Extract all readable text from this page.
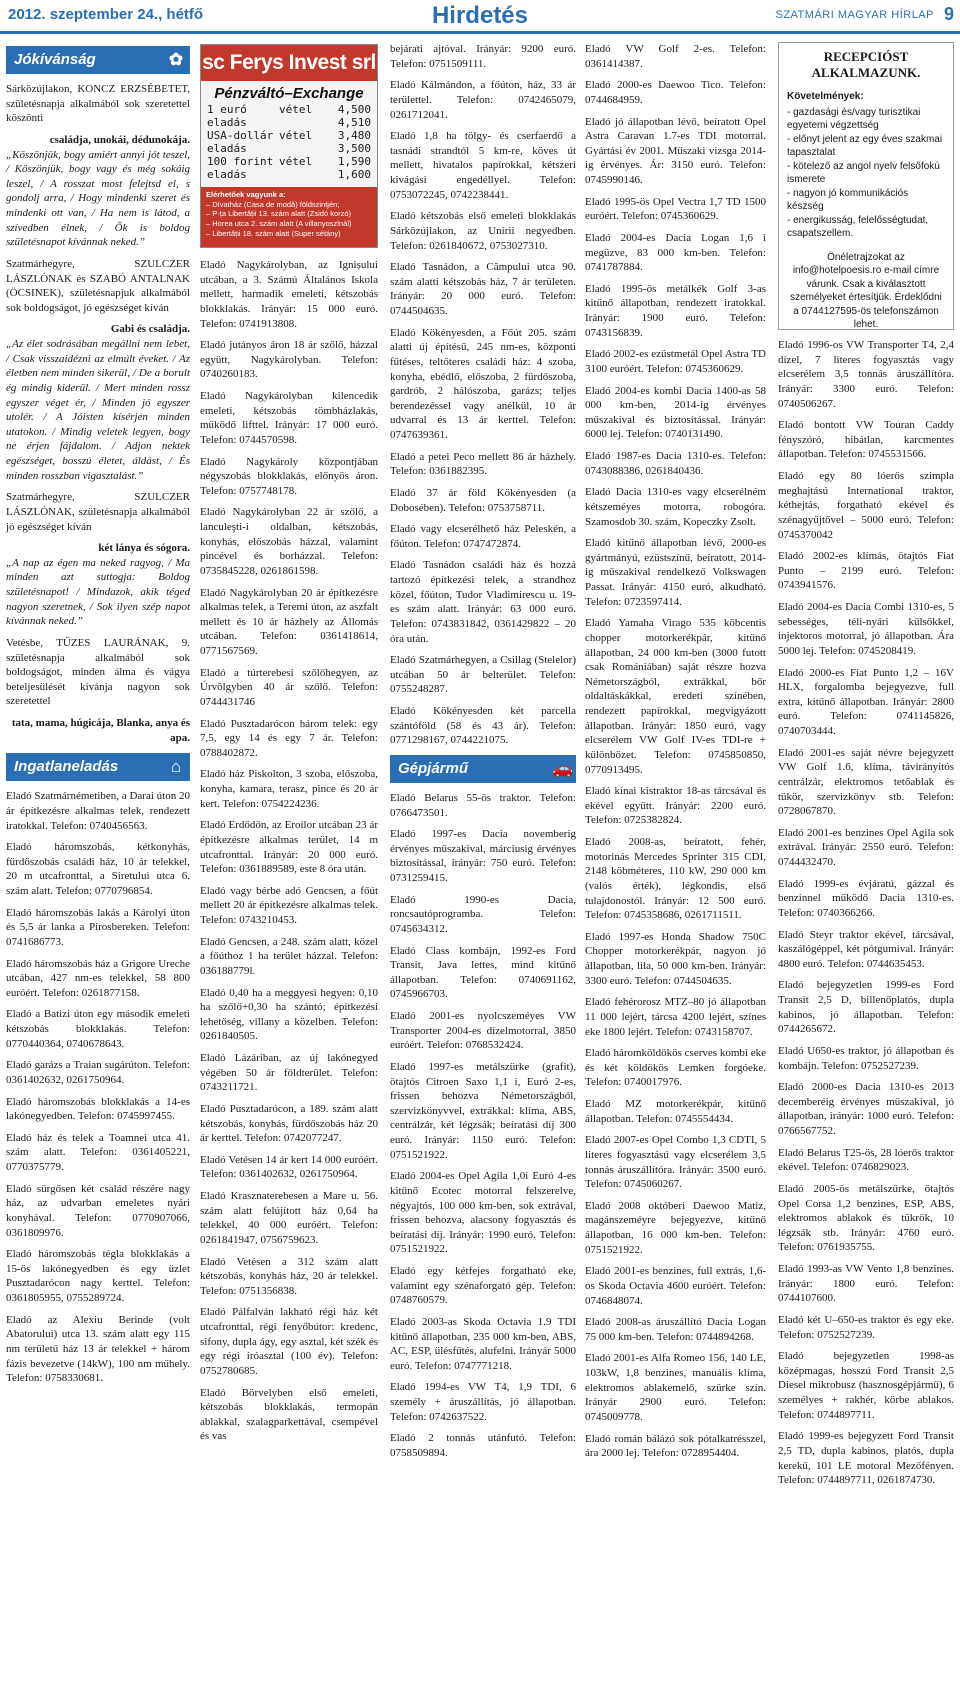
2012. szeptember 24., hétfő	Hirdetés	SZATMÁRI MAGYAR HÍRLAP 9
Jókívánság	✿

Sárközújlakon, KONCZ ERZSÉBETET, születésnapja alkalmából sok szeretettel köszönti

családja, unokái, dédunokája.

„Köszönjük, bogy amiért annyi jót teszel, / Köszönjük, bogy vagy és még sokáig leszel, / A rosszat most felejtsd el, s gondolj arra, / Hogy mindenki szeret és mindenki ott van, / Ha nem is látod, a szívedben élnek, / Ők is boldog születésnapot kívánnak neked.”

Szatmárhegyre, SZULCZER LÁSZLÓNAK és SZABÓ ANTALNAK (ÖCSINEK), születésnapjuk alkalmából sok boldogságot, jó egészséget kíván

Gabi és családja.

„Az élet sodrásában megállni nem lebet, / Csak visszaidézni az elmúlt éveket. / Az életben nem minden sikerül, / De a borult ég mindig kiderül. / Mert minden rossz egyszer véget ér, / Minden jó egyszer utolér. / A Jóisten kísérjen minden utatokon. / Mindig veletek legyen, bogy ne érjen fájdalom. / Adjon nektek egészséget, bosszú életet, áldást, / És minden rosszban vigasztalást.”

Szatmárhegyre, SZULCZER LÁSZLÓNAK, születésnapja alkalmából jó egészséget kíván

két lánya és sógora.

„A nap az égen ma neked ragyog, / Ma minden azt suttogja: Boldog születésnapot! / Mindazok, akik téged nagyon szeretnek, / Sok ilyen szép napot kívánnak neked.”

Vetésbe, TŰZES LAURÁNAK, 9. születésnapja alkalmából sok boldogságot, minden álma és vágya beteljesülését kívánja nagyon sok szeretettel

tata, mama, húgicája, Blanka, anya és apa.
Ingatlaneladás	⌂

Eladó Szatmárnémetiben, a Darai úton 20 ár építkezésre alkalmas telek, rendezett iratokkal. Telefon: 0740456563.

Eladó háromszobás, kétkonyhás, fürdőszobás családi ház, 10 ár telekkel, 20 m utcafronttal, a Siretului utca 6. szám alatt. Telefon: 0770796854.

Eladó háromszobás lakás a Károlyi úton és 5,5 ár lanka a Pirosbereken. Telefon: 0741686773.

Eladó háromszobás ház a Grigore Ureche utcában, 427 nm-es telekkel, 58 800 euróért. Telefon: 0261877158.

Eladó a Batizi úton egy második emeleti kétszobás blokklakás. Telefon: 0770440364, 0740678643.

Eladó garázs a Traian sugárúton. Telefon: 0361402632, 0261750964.

Eladó háromszobás blokklakás a 14-es lakónegyedben. Telefon: 0745997455.

Eladó ház és telek a Toamnei utca 41. szám alatt. Telefon: 0361405221, 0770375779.

Eladó sürgősen két család részére nagy ház, az udvarban emeletes nyári konyhával. Telefon: 0770907066, 0361809976.

Eladó háromszobás tégla blokklakás a 15-ös lakónegyedben és egy üzlet Pusztadarócon nagy kerttel. Telefon: 0361805955, 0755289724.

Eladó az Alexiu Berinde (volt Abatorului) utca 13. szám alatt egy 115 nm területű ház 13 ár telekkel + három fázis bevezetve (14kW), 100 nm műhely. Telefon: 0758330681.

sc Ferys Invest srl
Pénzváltó–Exchange
1 euró	vétel	4,500
eladás	4,510
USA-dollár vétel	3,480
eladás	3,500
100 forint vétel	1,590
eladás	1,600
Elérhetőek vagyunk a:
– Dívatház (Casa de modă) földszintjén;
– P-ța Libertății 13. szám alatt (Zsidó korzó)
– Horea utca 2. szám alatt (A villanyoszlnál)
– Libertății 18. szám alatt (Super sétány)

Eladó Nagykárolyban, az Ignișului utcában, a 3. Számú Általános Iskola mellett, harmadik emeleti, kétszobás blokklakás. Irányár: 15 000 euró. Telefon: 0741913808.

Eladó jutányos áron 18 ár szőlő, házzal együtt, Nagykárolyban. Telefon: 0740260183.

Eladó Nagykárolyban kilencedik emeleti, kétszobás tömbházlakás, működő lifttel. Irányár: 17 000 euró. Telefon: 0744570598.

Eladó Nagykároly központjában négyszobás blokklakás, előnyös áron. Telefon: 0757748178.

Eladó Nagykárolyban 22 ár szőlő, a lanculeşti-i oldalban, kétszobás, konyhás, előszobás házzal, valamint pincével és borházzal. Telefon: 0735845228, 0261861598.

Eladó Nagykárolyban 20 ár építkezésre alkalmas telek, a Teremi úton, az aszfalt mellett és 10 ár házhely az Állomás utcában. Telefon: 0361418614, 0771567569.

Eladó a túrterebesi szőlőhegyen, az Úrvölgyben 40 ár szőlő. Telefon: 0744431746

Eladó Pusztadarócon három telek: egy 7,5, egy 14 és egy 7 ár. Telefon: 0788402872.

Eladó ház Piskolton, 3 szoba, előszoba, konyha, kamara, terasz, pince és 20 ár kert. Telefon: 0754224236.

Eladó Erdődön, az Eroilor utcában 23 ár építkezésre alkalmas terület, 14 m utcafronttal. Irányár: 20 000 euró. Telefon: 0361889589, este 8 óra után.

Eladó vagy bérbe adó Gencsen, a főút mellett 20 ár építkezésre alkalmas telek. Telefon: 0743210453.

Eladó Gencsen, a 248. szám alatt, közel a főúthoz 1 ha terület házzal. Telefon: 036188779l.

Eladó 0,40 ha a meggyesi hegyen: 0,10 ha szőlő+0,30 ha szántó; építkezési lehetőség, villany a közelben. Telefon: 0261840505.

Eladó Lázáriban, az új lakónegyed végében 50 ár földterület. Telefon: 0743211721.

Eladó Pusztadarócon, a 189. szám alatt kétszobás, konyhás, fürdőszobás ház 20 ár kerttel. Telefon: 0742077247.

Eladó Vetésen 14 ár kert 14 000 euróért. Telefon: 0361402632, 0261750964.

Eladó Krasznaterebesen a Mare u. 56. szám alatt felújított ház 0,64 ha telekkel, 40 000 euróért. Telefon: 0261841947, 0756759623.

Eladó Vetésen a 312 szám alatt kétszobás, konyhás ház, 20 ár telekkel. Telefon: 0751356838.

Eladó Pálfalván lakható régi ház két utcafronttal, régi fenyőbútor: kredenc, sifony, dupla ágy, egy asztal, két szék és egy régi íróasztal (100 év). Telefon: 0752780685.

Eladó Börvelyben első emeleti, kétszobás blokklakás, termopán ablakkal, szalagparkettával, csempével és vas

bejárati ajtóval. Irányár: 9200 euró. Telefon: 0751509111.

Eladó Kálmándon, a főúton, ház, 33 ár területtel. Telefon: 0742465079, 0261712041.

Eladó 1,8 ha tölgy- és cserfaerdő a tasnádi strandtól 5 km-re, köves út mellett, hivatalos papírokkal, kétszeri kivágási engedéllyel. Telefon: 0753072245, 0742238441.

Eladó kétszobás első emeleti blokklakás Sárközújlakon, az Unirii negyedben. Telefon: 0261840672, 0753027310.

Eladó Tasnádon, a Câmpului utca 90. szám alatti kétszobás ház, 7 ár területen. Irányár: 20 000 euró. Telefon: 0744504635.

Eladó Kökényesden, a Főút 205. szám alatti új építésű, 245 nm-es, központi fűtéses, teltőteres családi ház: 4 szoba, konyha, ebédlő, előszoba, 2 fürdőszoba, gardrób, 2 hálószoba, garázs; teljes berendezéssel vagy anélkül, 10 ár udvarral és 13 ár kerttel. Telefon: 0747639361.

Eladó a petei Peco mellett 86 ár házhely. Telefon: 0361882395.

Eladó 37 ár föld Kökényesden (a Dobosében). Telefon: 0753758711.

Eladó vagy elcserélhető ház Peleskén, a főúton. Telefon: 0747472874.

Eladó Tasnádon családi ház és hozzá tartozó építkezési telek, a strandhoz közel, főúton, Tudor Vladimirescu u. 19-es szám alatt. Irányár: 63 000 euró. Telefon: 0743831842, 0361429822 – 20 óra után.

Eladó Szatmárhegyen, a Csillag (Stelelor) utcában 50 ár belterület. Telefon: 0755248287.

Eladó Kökényesden két parcella szántóföld (58 és 43 ár). Telefon: 0771298167, 0744221075.

Gépjármű	🚗

Eladó Belarus 55-ös traktor. Telefon: 0766473501.

Eladó 1997-es Dacia novemberig érvényes műszakival, márciusig érvényes biztosítással, irányár: 750 euró. Telefon: 0731259415.

Eladó 1990-es Dacia, roncsautóprogramba. Telefon: 0745634312.

Eladó Class kombájn, 1992-es Ford Transit, Java lettes, mind kitűnő állapotban. Telefon: 0740691162, 0745966703.

Eladó 2001-es nyolcszeméyes VW Transporter 2004-es dízelmotorral, 3850 euróért. Telefon: 0768532424.

Eladó 1997-es metálszürke (grafit), ötajtós Citroen Saxo 1,1 i, Euró 2-es, frissen behozva Németországból, szervizkönyvvel, extrákkal: klíma, ABS, centrálzár, két légzsák; beíratási díj 300 euró. Irányár: 1150 euró. Telefon: 0751521922.

Eladó 2004-es Opel Agila 1,0i Euró 4-es kitűnő Ecotec motorral felszerelve, négyajtós, 100 000 km-ben, sok extrával, frissen behozva, alacsony fogyasztás és beíratási díj. Irányár: 1990 euró. Telefon: 0751521922.

Eladó egy kétfejes forgatható eke, valamint egy szénaforgató gép. Telefon: 0748760579.

Eladó 2003-as Skoda Octavia 1.9 TDI kitűnő állapotban, 235 000 km-ben, ABS, AC, ESP, ülésfűtés, alufelni. Irányár 5000 euró. Telefon: 0747771218.

Eladó 1994-es VW T4, 1,9 TDI, 6 személy + áruszállítás, jó állapotban. Telefon: 0742637522.

Eladó 2 tonnás utánfutó. Telefon: 0758509894.

Eladó VW Golf 2-es. Telefon: 0361414387.

Eladó 2000-es Daewoo Tico. Telefon: 0744684959.

Eladó jó állapotban lévő, beíratott Opel Astra Caravan 1.7-es TDI motorral. Gyártási év 2001. Műszaki vizsga 2014-ig érvényes. Ár: 3150 euró. Telefon: 0745990146.

Eladó 1995-ös Opel Vectra 1,7 TD 1500 euróért. Telefon: 0745360629.

Eladó 2004-es Dacia Logan 1,6 i megüzve, 83 000 km-ben. Telefon: 0741787884.

Eladó 1995-ös metálkék Golf 3-as kitűnő állapotban, rendezett iratokkal. Irányár: 1900 euró. Telefon: 0743156839.

Eladó 2002-es ezüstmetál Opel Astra TD 3100 euróért. Telefon: 0745360629.

Eladó 2004-es kombi Dacia 1400-as 58 000 km-ben, 2014-ig érvényes műszakival és biztosítással. Irányár: 6000 lej. Telefon: 0740131490.

Eladó 1987-es Dacia 1310-es. Telefon: 0743088386, 0261840436.

Eladó Dacia 1310-es vagy elcserélném kétszeméyes motorra, robogóra. Szamosdob 30. szám, Kopeczky Zsolt.

Eladó kitűnő állapotban lévő, 2000-es gyártmányú, ezüstszínű, beíratott, 2014-ig műszakival rendelkező Volkswagen Passat. Irányár: 4150 euró, alkudható. Telefon: 0723597414.

Eladó Yamaha Virago 535 köbcentis chopper motorkerékpár, kitűnő állapotban, 24 000 km-ben (3000 futott csak Romániában) saját részre hozva Németországból, extrákkal, bőr oldaltáskákkal, eredeti színében, rendezett papírokkal, megvigyázott állapotban. Irányár: 1850 euró, vagy elcserélem VW Golf IV-es TDI-re + különbözet. Telefon: 0745850850, 0770913495.

Eladó kínai kistraktor 18-as tárcsával és ekével együtt. Irányár: 2200 euró. Telefon: 0725382824.

Eladó 2008-as, beíratott, fehér, motorinás Mercedes Sprinter 315 CDI, 2148 köbméteres, 110 kW, 290 000 km (valós érték), légkondis, első tulajdonostól. Irányár: 12 500 euró. Telefon: 0745358686, 0261711511.

Eladó 1997-es Honda Shadow 750C Chopper motorkerékpár, nagyon jó állapotban, lila, 50 000 km-ben. Irányár: 3300 euró. Telefon: 0744504635.

Eladó fehérorosz MTZ–80 jó állapotban 11 000 lejért, tárcsa 4200 lejért, színes eke 1800 lejért. Telefon: 0743158707.

Eladó háromköldökös cserves kombi eke és két köldökös Lemken forgóeke. Telefon: 0740017976.

Eladó MZ motorkerékpár, kitűnő állapotban. Telefon: 0745554434.

Eladó 2007-es Opel Combo 1,3 CDTI, 5 literes fogyasztású vagy elcserélem 3,5 tonnás áruszállítóra. Irányár: 3500 euró. Telefon: 0745060267.

Eladó 2008 októberi Daewoo Matiz, magánszeméyre bejegyezve, kitűnő állapotban, 16 000 km-ben. Telefon: 0751521922.

Eladó 2001-es benzines, full extrás, 1,6-os Skoda Octavia 4600 euróért. Telefon: 0746848074.

Eladó 2008-as áruszállító Dacia Logan 75 000 km-ben. Telefon: 0744894268.

Eladó 2001-es Alfa Romeo 156, 140 LE, 103kW, 1,8 benzines, manuális klíma, elektromos ablakemelő, szürke szín. Irányár 2900 euró. Telefon: 0745009778.

Eladó román bálázó sok pótalkatrésszel, ára 2000 lej. Telefon: 0728954404.

RECEPCIÓST ALKALMAZUNK.
Követelmények:
- gazdasági és/vagy turisztikai egyetemi végzettség
- előnyt jelent az egy éves szakmai tapasztalat
- kötelező az angol nyelv felsőfokú ismerete
- nagyon jó kommunikációs készség
- energikusság, felelősségtudat, csapatszellem.
Önéletrajzokat az info@hotelpoesis.ro e-mail címre várunk. Csak a kiválasztott személyeket értesítjük. Érdeklődni a 0744127595-ös telefonszámon lehet.

Eladó 1996-os VW Transporter T4, 2,4 dízel, 7 literes fogyasztás vagy elcserélem 3,5 tonnás áruszállítóra. Irányár: 3300 euró. Telefon: 0740506267.

Eladó bontott VW Touran Caddy fényszóró, hibátlan, karcmentes állapotban. Telefon: 0745531566.

Eladó egy 80 lóerős szimpla meghajtású International traktor, kéthejtás, forgatható ekével és szénagyűjtővel – 5000 euró. Telefon: 0745370042

Eladó 2002-es klímás, ötajtós Fiat Punto – 2199 euró. Telefon: 0743941576.

Eladó 2004-es Dacia Combi 1310-es, 5 sebességes, téli-nyári kűlsőkkel, injektoros motorral, jó állapotban. Ára 5000 lej. Telefon: 0745208419.

Eladó 2000-es Fiat Punto 1,2 – 16V HLX, forgalomba bejegyezve, full extra, kitűnő állapotban. Irányár: 2800 euró. Telefon: 0741145826, 0740703444.

Eladó 2001-es saját névre bejegyzett VW Golf 1.6, klíma, távirányítós centrálzár, elektromos tetőablak és tükör, szervizkönyv stb. Telefon: 0728067870.

Eladó 2001-es benzines Opel Agila sok extrával. Irányár: 2550 euró. Telefon: 0744432470.

Eladó 1999-es évjáratú, gázzal és benzinnel működő Dacia 1310-es. Telefon: 0740366266.

Eladó Steyr traktor ekével, tárcsával, kaszálógéppel, két pótgumival. Irányár: 4800 euró. Telefon: 0744635453.

Eladó bejegyzetlen 1999-es Ford Transit 2,5 D, billenőplatós, dupla kabinos, jó állapotban. Telefon: 0744265672.

Eladó U650-es traktor, jó állapotban és kombájn. Telefon: 0752527239.

Eladó 2000-es Dacia 1310-es 2013 decemberéig érvényes műszakival, jó állapotban, irányár: 1000 euró. Telefon: 0766567752.

Eladó Belarus T25-ös, 28 lóerős traktor ekével. Telefon: 0746829023.

Eladó 2005-ös metálszürke, ötajtós Opel Corsa 1,2 benzines, ESP, ABS, elektromos ablakok és tükrök, 10 légzsák stb. Irányár: 4760 euró. Telefon: 0761935755.

Eladó 1993-as VW Vento 1,8 benzines. Irányár: 1800 euró. Telefon: 0744107600.

Eladó két U–650-es traktor és egy eke. Telefon: 0752527239.

Eladó bejegyzetlen 1998-as középmagas, hosszú Ford Transit 2,5 Diesel mikrobusz (hasznosgépjármű), 6 személyes + rakhér, körbe ablakos. Telefon: 0744897711.

Eladó 1999-es bejegyzett Ford Transit 2,5 TD, dupla kabinos, platós, dupla kerekű, 101 LE motoral Mezőfényen. Telefon: 0744897711, 0261874730.
